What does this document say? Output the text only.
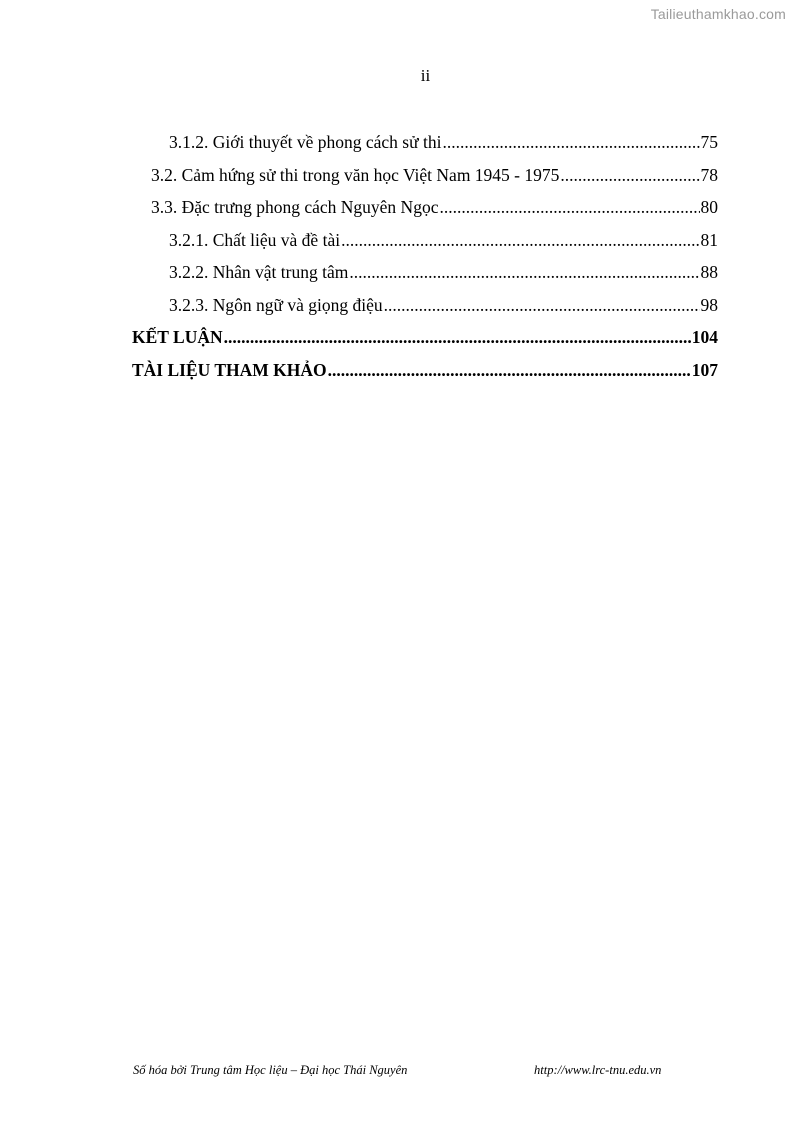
Tailieuthamkhao.com
ii
3.1.2. Giới thuyết về phong cách sử thi .....	75
3.2. Cảm hứng sử thi trong văn học Việt Nam 1945 - 1975 .....	78
3.3. Đặc trưng phong cách Nguyên Ngọc .....	80
3.2.1. Chất liệu và đề tài .....	81
3.2.2. Nhân vật trung tâm .....	88
3.2.3. Ngôn ngữ và giọng điệu .....	98
KẾT LUẬN .....	104
TÀI LIỆU THAM KHẢO .....	107
Số hóa bởi Trung tâm Học liệu – Đại học Thái Nguyên	http://www.lrc-tnu.edu.vn
